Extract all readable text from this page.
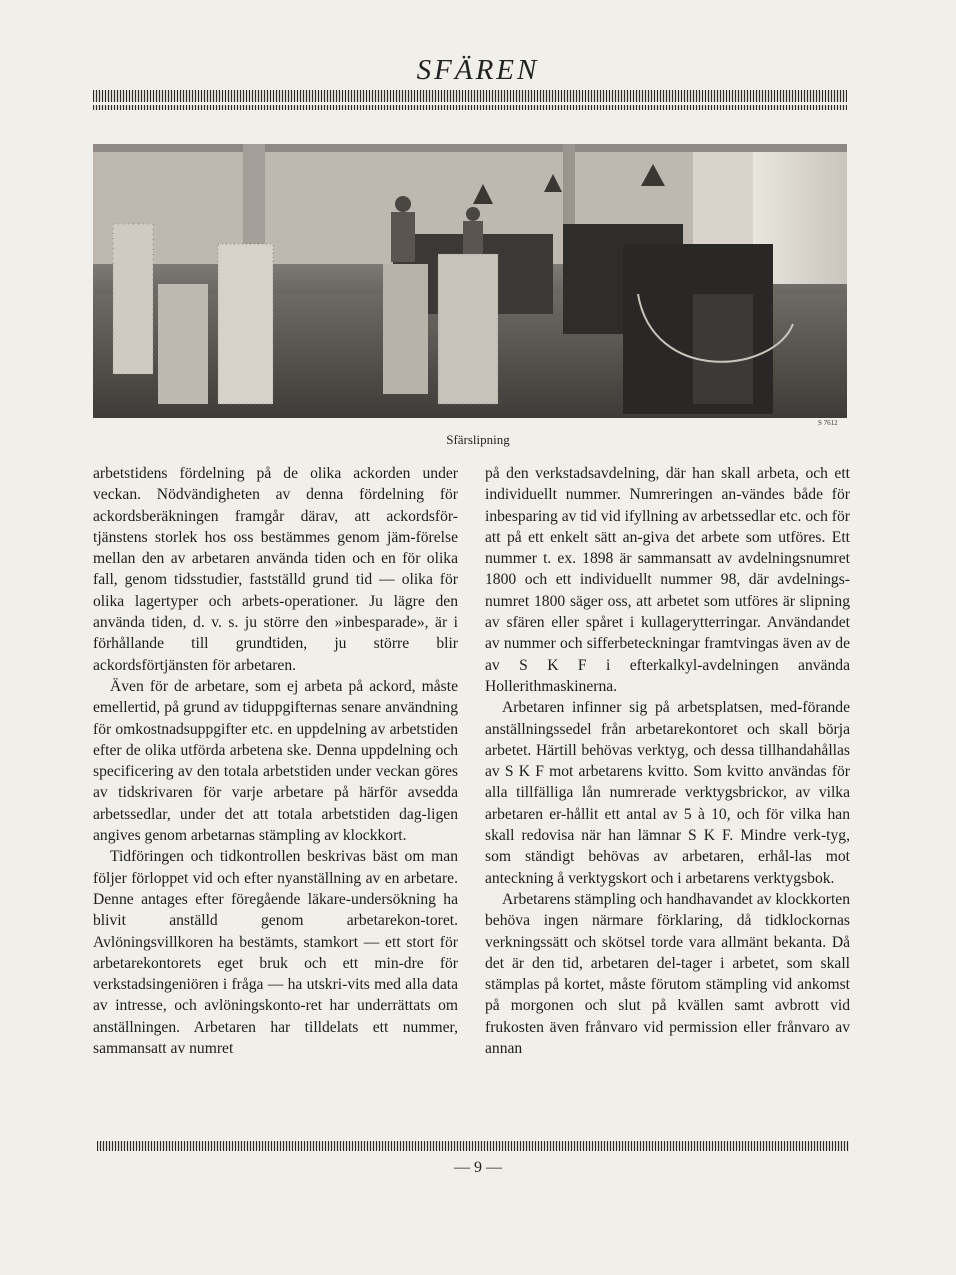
SFÄREN
S 7612
Sfärslipning

arbetstidens fördelning på de olika ackorden under veckan. Nödvändigheten av denna fördelning för ackordsberäkningen framgår därav, att ackordsför-tjänstens storlek hos oss bestämmes genom jäm-förelse mellan den av arbetaren använda tiden och en för olika fall, genom tidsstudier, fastställd grund tid — olika för olika lagertyper och arbets-operationer. Ju lägre den använda tiden, d. v. s. ju större den »inbesparade», är i förhållande till grundtiden, ju större blir ackordsförtjänsten för arbetaren.

Även för de arbetare, som ej arbeta på ackord, måste emellertid, på grund av tiduppgifternas senare användning för omkostnadsuppgifter etc. en uppdelning av arbetstiden efter de olika utförda arbetena ske. Denna uppdelning och specificering av den totala arbetstiden under veckan göres av tidskrivaren för varje arbetare på härför avsedda arbetssedlar, under det att totala arbetstiden dag-ligen angives genom arbetarnas stämpling av klockkort.

Tidföringen och tidkontrollen beskrivas bäst om man följer förloppet vid och efter nyanställning av en arbetare. Denne antages efter föregående läkare-undersökning ha blivit anställd genom arbetarekon-toret. Avlöningsvillkoren ha bestämts, stamkort — ett stort för arbetarekontorets eget bruk och ett min-dre för verkstadsingeniören i fråga — ha utskri-vits med alla data av intresse, och avlöningskonto-ret har underrättats om anställningen. Arbetaren har tilldelats ett nummer, sammansatt av numret

på den verkstadsavdelning, där han skall arbeta, och ett individuellt nummer. Numreringen an-vändes både för inbesparing av tid vid ifyllning av arbetssedlar etc. och för att på ett enkelt sätt an-giva det arbete som utföres. Ett nummer t. ex. 1898 är sammansatt av avdelningsnumret 1800 och ett individuellt nummer 98, där avdelnings-numret 1800 säger oss, att arbetet som utföres är slipning av sfären eller spåret i kullagerytterringar. Användandet av nummer och sifferbeteckningar framtvingas även av de av S K F i efterkalkyl-avdelningen använda Hollerithmaskinerna.

Arbetaren infinner sig på arbetsplatsen, med-förande anställningssedel från arbetarekontoret och skall börja arbetet. Härtill behövas verktyg, och dessa tillhandahållas av S K F mot arbetarens kvitto. Som kvitto användas för alla tillfälliga lån numrerade verktygsbrickor, av vilka arbetaren er-hållit ett antal av 5 à 10, och för vilka han skall redovisa när han lämnar S K F. Mindre verk-tyg, som ständigt behövas av arbetaren, erhål-las mot anteckning å verktygskort och i arbetarens verktygsbok.

Arbetarens stämpling och handhavandet av klockkorten behöva ingen närmare förklaring, då tidklockornas verkningssätt och skötsel torde vara allmänt bekanta. Då det är den tid, arbetaren del-tager i arbetet, som skall stämplas på kortet, måste förutom stämpling vid ankomst på morgonen och slut på kvällen samt avbrott vid frukosten även frånvaro vid permission eller frånvaro av annan

— 9 —
